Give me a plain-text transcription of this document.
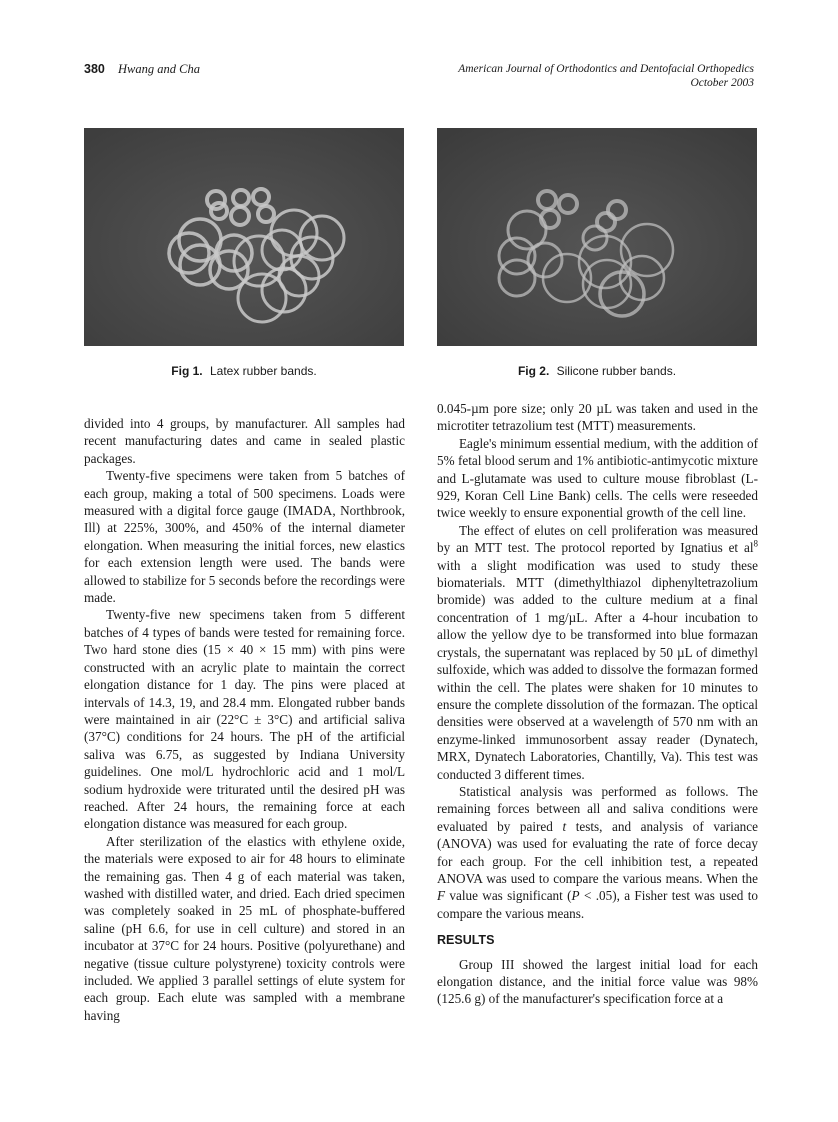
380 Hwang and Cha	American Journal of Orthodontics and Dentofacial Orthopedics
October 2003
Fig 1. Latex rubber bands.	Fig 2. Silicone rubber bands.

divided into 4 groups, by manufacturer. All samples had recent manufacturing dates and came in sealed plastic packages.

Twenty-five specimens were taken from 5 batches of each group, making a total of 500 specimens. Loads were measured with a digital force gauge (IMADA, Northbrook, Ill) at 225%, 300%, and 450% of the internal diameter elongation. When measuring the initial forces, new elastics for each extension length were used. The bands were allowed to stabilize for 5 seconds before the recordings were made.

Twenty-five new specimens taken from 5 different batches of 4 types of bands were tested for remaining force. Two hard stone dies (15 × 40 × 15 mm) with pins were constructed with an acrylic plate to maintain the correct elongation distance for 1 day. The pins were placed at intervals of 14.3, 19, and 28.4 mm. Elongated rubber bands were maintained in air (22°C ± 3°C) and artificial saliva (37°C) conditions for 24 hours. The pH of the artificial saliva was 6.75, as suggested by Indiana University guidelines. One mol/L hydrochloric acid and 1 mol/L sodium hydroxide were triturated until the desired pH was reached. After 24 hours, the remaining force at each elongation distance was measured for each group.

After sterilization of the elastics with ethylene oxide, the materials were exposed to air for 48 hours to eliminate the remaining gas. Then 4 g of each material was taken, washed with distilled water, and dried. Each dried specimen was completely soaked in 25 mL of phosphate-buffered saline (pH 6.6, for use in cell culture) and stored in an incubator at 37°C for 24 hours. Positive (polyurethane) and negative (tissue culture polystyrene) toxicity controls were included. We applied 3 parallel settings of elute system for each group. Each elute was sampled with a membrane having

0.045-µm pore size; only 20 µL was taken and used in the microtiter tetrazolium test (MTT) measurements.

Eagle's minimum essential medium, with the addition of 5% fetal blood serum and 1% antibiotic-antimycotic mixture and L-glutamate was used to culture mouse fibroblast (L-929, Koran Cell Line Bank) cells. The cells were reseeded twice weekly to ensure exponential growth of the cell line.

The effect of elutes on cell proliferation was measured by an MTT test. The protocol reported by Ignatius et $al^8$ with a slight modification was used to study these biomaterials. MTT (dimethylthiazol diphenyltetrazolium bromide) was added to the culture medium at a final concentration of 1 mg/µL. After a 4-hour incubation to allow the yellow dye to be transformed into blue formazan crystals, the supernatant was replaced by 50 µL of dimethyl sulfoxide, which was added to dissolve the formazan formed within the cell. The plates were shaken for 10 minutes to ensure the complete dissolution of the formazan. The optical densities were observed at a wavelength of 570 nm with an enzyme-linked immunosorbent assay reader (Dynatech, MRX, Dynatech Laboratories, Chantilly, Va). This test was conducted 3 different times.

Statistical analysis was performed as follows. The remaining forces between all and saliva conditions were evaluated by paired t tests, and analysis of variance (ANOVA) was used for evaluating the rate of force decay for each group. For the cell inhibition test, a repeated ANOVA was used to compare the various means. When the F value was significant (P < .05), a Fisher test was used to compare the various means.

RESULTS

Group III showed the largest initial load for each elongation distance, and the initial force value was 98% (125.6 g) of the manufacturer's specification force at a
